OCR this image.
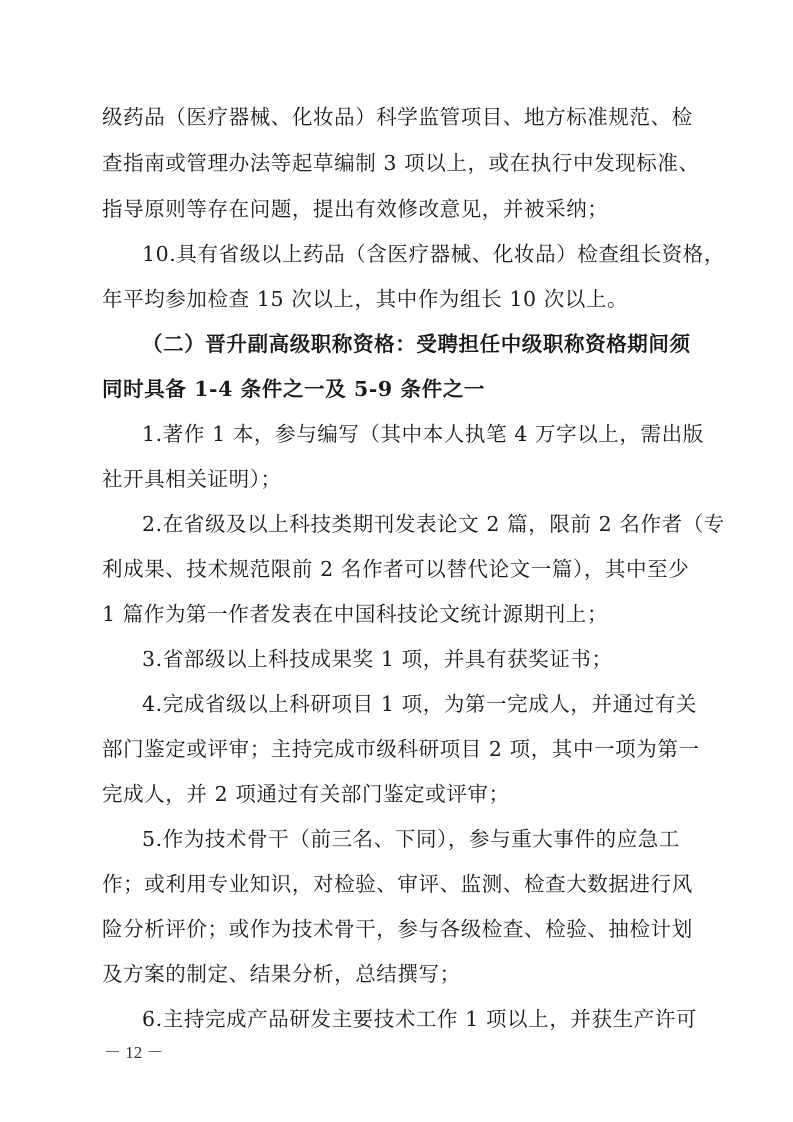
级药品（医疗器械、化妆品）科学监管项目、地方标准规范、检
查指南或管理办法等起草编制 3 项以上，或在执行中发现标准、
指导原则等存在问题，提出有效修改意见，并被采纳；
10.具有省级以上药品（含医疗器械、化妆品）检查组长资格，
年平均参加检查 15 次以上，其中作为组长 10 次以上。
（二）晋升副高级职称资格：受聘担任中级职称资格期间须
同时具备 1-4 条件之一及 5-9 条件之一
1.著作 1 本，参与编写（其中本人执笔 4 万字以上，需出版
社开具相关证明）；
2.在省级及以上科技类期刊发表论文 2 篇，限前 2 名作者（专
利成果、技术规范限前 2 名作者可以替代论文一篇），其中至少
1 篇作为第一作者发表在中国科技论文统计源期刊上；
3.省部级以上科技成果奖 1 项，并具有获奖证书；
4.完成省级以上科研项目 1 项，为第一完成人，并通过有关
部门鉴定或评审；主持完成市级科研项目 2 项，其中一项为第一
完成人，并 2 项通过有关部门鉴定或评审；
5.作为技术骨干（前三名、下同），参与重大事件的应急工
作；或利用专业知识，对检验、审评、监测、检查大数据进行风
险分析评价；或作为技术骨干，参与各级检查、检验、抽检计划
及方案的制定、结果分析，总结撰写；
6.主持完成产品研发主要技术工作 1 项以上，并获生产许可
－ 12 －
